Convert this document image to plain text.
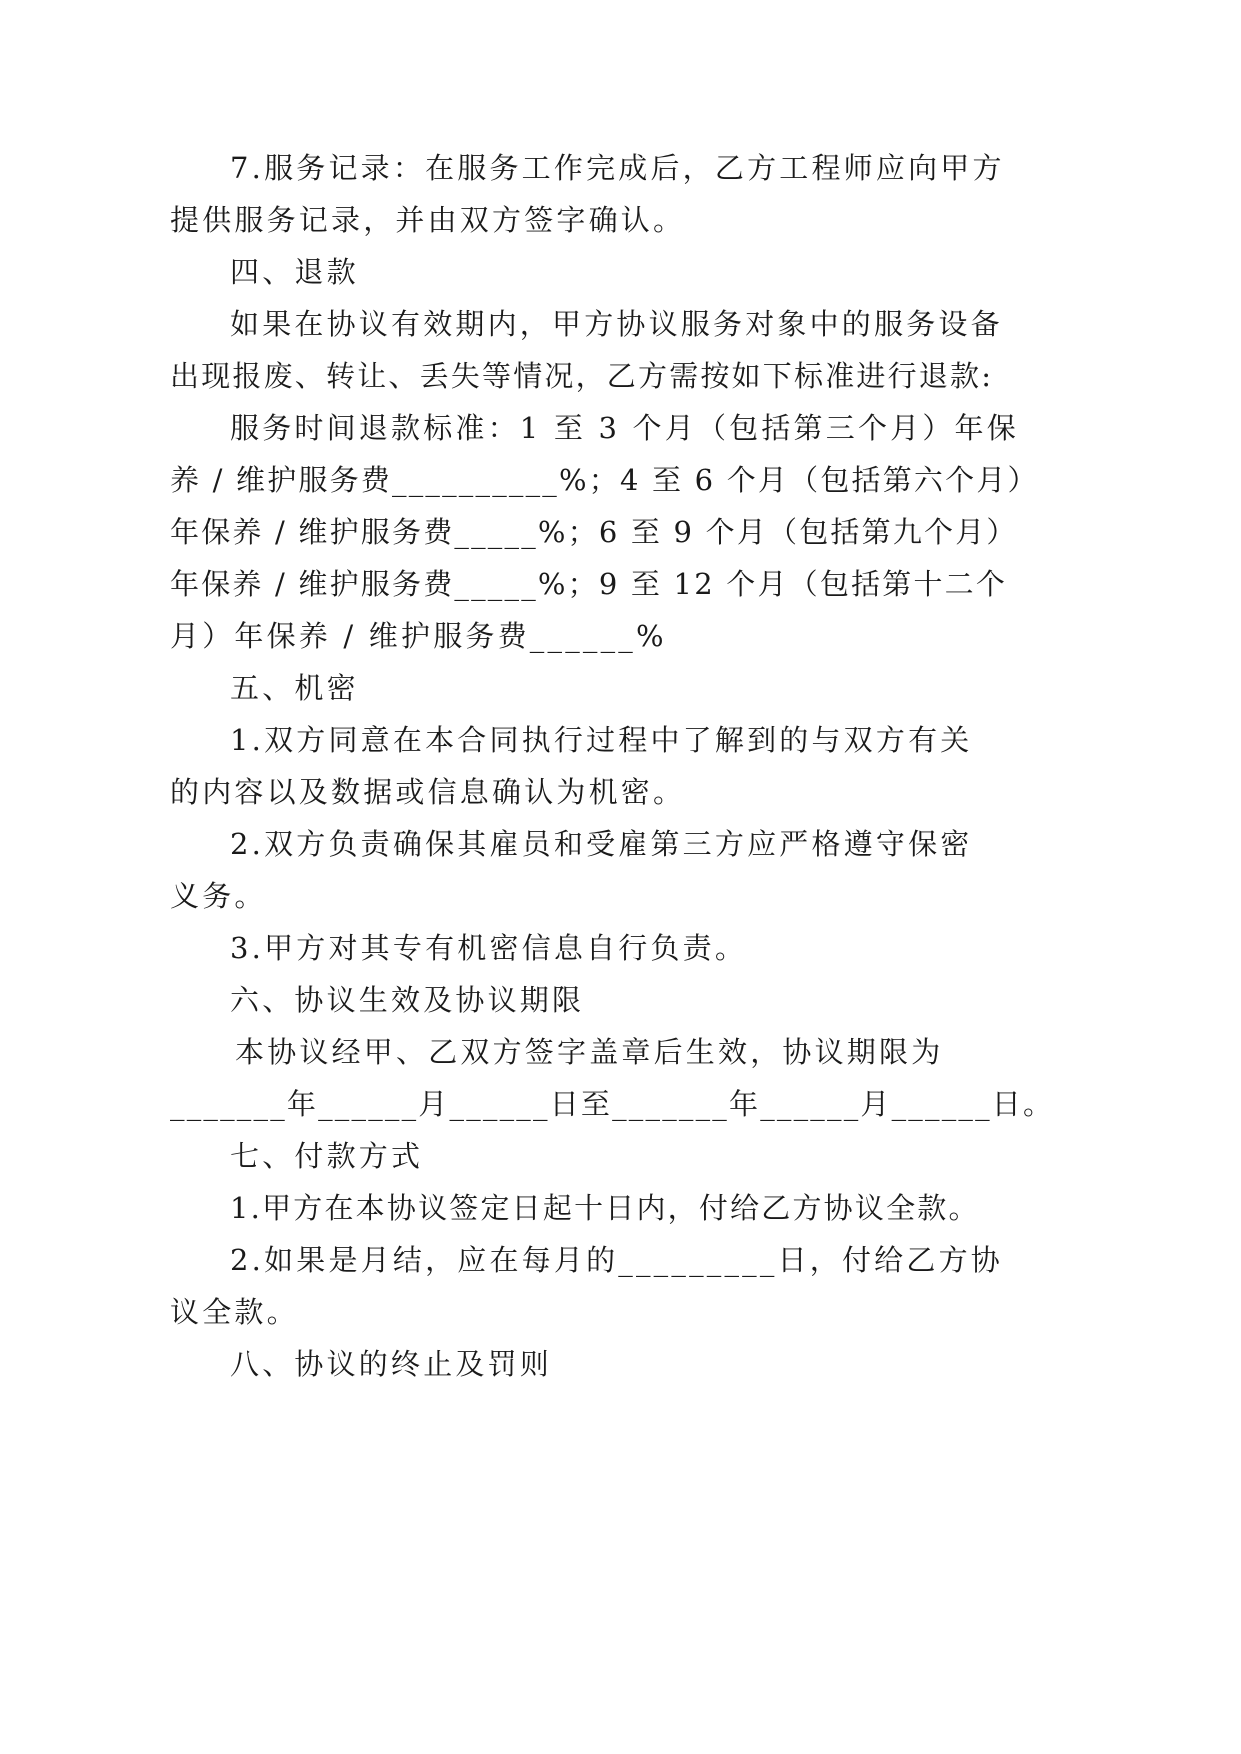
7.服务记录：在服务工作完成后，乙方工程师应向甲方
提供服务记录，并由双方签字确认。
四、退款
如果在协议有效期内，甲方协议服务对象中的服务设备
出现报废、转让、丢失等情况，乙方需按如下标准进行退款:
服务时间退款标准：1 至 3 个月（包括第三个月）年保
养 / 维护服务费__________%；4 至 6 个月（包括第六个月）
年保养 / 维护服务费_____%；6 至 9 个月（包括第九个月）
年保养 / 维护服务费_____%；9 至 12 个月（包括第十二个
月）年保养 / 维护服务费______%
五、机密
1.双方同意在本合同执行过程中了解到的与双方有关
的内容以及数据或信息确认为机密。
2.双方负责确保其雇员和受雇第三方应严格遵守保密
义务。
3.甲方对其专有机密信息自行负责。
六、协议生效及协议期限
本协议经甲、乙双方签字盖章后生效，协议期限为
_______年______月______日至_______年______月______日。
七、付款方式
1.甲方在本协议签定日起十日内，付给乙方协议全款。
2.如果是月结，应在每月的_________日，付给乙方协
议全款。
八、协议的终止及罚则
